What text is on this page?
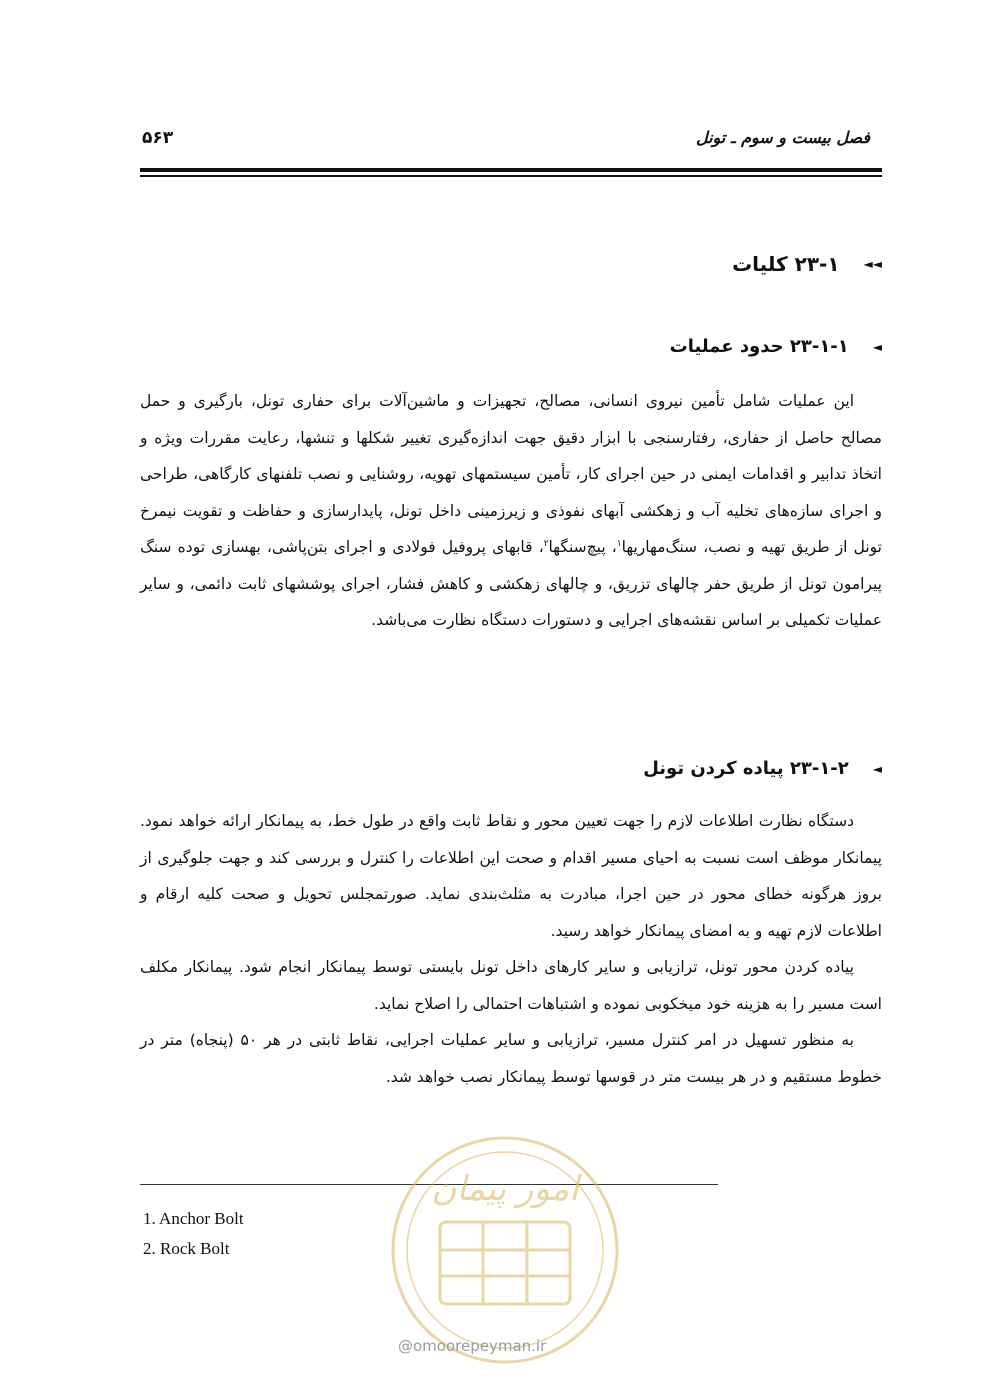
فصل بیست و سوم ـ تونل
۵۶۳
◄◄
۲۳-۱ کلیات
◄
۲۳-۱-۱ حدود عملیات

این عملیات شامل تأمین نیروی انسانی، مصالح، تجهیزات و ماشین‌آلات برای حفاری تونل، بارگیری و حمل مصالح حاصل از حفاری، رفتارسنجی با ابزار دقیق جهت اندازه‌گیری تغییر شکلها و تنشها، رعایت مقررات ویژه و اتخاذ تدابیر و اقدامات ایمنی در حین اجرای کار، تأمین سیستمهای تهویه، روشنایی و نصب تلفنهای کارگاهی، طراحی و اجرای سازه‌های تخلیه آب و زهکشی آبهای نفوذی و زیرزمینی داخل تونل، پایدارسازی و حفاظت و تقویت نیمرخ تونل از طریق تهیه و نصب، سنگ‌مهاریها$^۱$، پیچ‌سنگها$^۲$، قابهای پروفیل فولادی و اجرای بتن‌پاشی، بهسازی توده سنگ پیرامون تونل از طریق حفر چالهای تزریق، و چالهای زهکشی و کاهش فشار، اجرای پوششهای ثابت دائمی، و سایر عملیات تکمیلی بر اساس نقشه‌های اجرایی و دستورات دستگاه نظارت می‌باشد.

◄
۲۳-۱-۲ پیاده کردن تونل

دستگاه نظارت اطلاعات لازم را جهت تعیین محور و نقاط ثابت واقع در طول خط، به پیمانکار ارائه خواهد نمود. پیمانکار موظف است نسبت به احیای مسیر اقدام و صحت این اطلاعات را کنترل و بررسی کند و جهت جلوگیری از بروز هرگونه خطای محور در حین اجرا، مبادرت به مثلث‌بندی نماید. صورتمجلس تحویل و صحت کلیه ارقام و اطلاعات لازم تهیه و به امضای پیمانکار خواهد رسید.

پیاده کردن محور تونل، ترازیابی و سایر کارهای داخل تونل بایستی توسط پیمانکار انجام شود. پیمانکار مکلف است مسیر را به هزینه خود میخکوبی نموده و اشتباهات احتمالی را اصلاح نماید.

به منظور تسهیل در امر کنترل مسیر، ترازیابی و سایر عملیات اجرایی، نقاط ثابتی در هر ۵۰ (پنجاه) متر در خطوط مستقیم و در هر بیست متر در قوسها توسط پیمانکار نصب خواهد شد.

1. Anchor Bolt
2. Rock Bolt
امور پیمان
@omoorepeyman.ir
